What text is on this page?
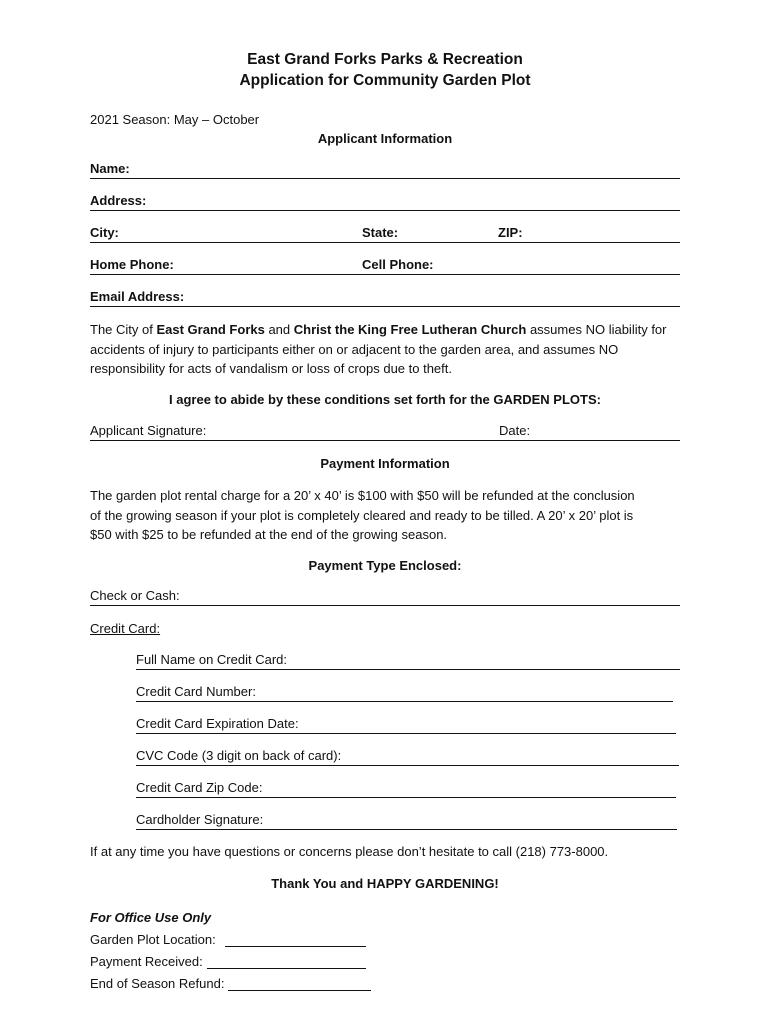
East Grand Forks Parks & Recreation
Application for Community Garden Plot
2021 Season: May – October
Applicant Information
Name:
Address:
City:	State:	ZIP:
Home Phone:	Cell Phone:
Email Address:
The City of East Grand Forks and Christ the King Free Lutheran Church assumes NO liability for
accidents of injury to participants either on or adjacent to the garden area, and assumes NO
responsibility for acts of vandalism or loss of crops due to theft.
I agree to abide by these conditions set forth for the GARDEN PLOTS:
Applicant Signature:	Date:
Payment Information
The garden plot rental charge for a 20’ x 40’ is $100 with $50 will be refunded at the conclusion
of the growing season if your plot is completely cleared and ready to be tilled. A 20’ x 20’ plot is
$50 with $25 to be refunded at the end of the growing season.
Payment Type Enclosed:
Check or Cash:
Credit Card:
Full Name on Credit Card:
Credit Card Number:
Credit Card Expiration Date:
CVC Code (3 digit on back of card):
Credit Card Zip Code:
Cardholder Signature:
If at any time you have questions or concerns please don’t hesitate to call (218) 773-8000.
Thank You and HAPPY GARDENING!
For Office Use Only
Garden Plot Location:
Payment Received:
End of Season Refund:
